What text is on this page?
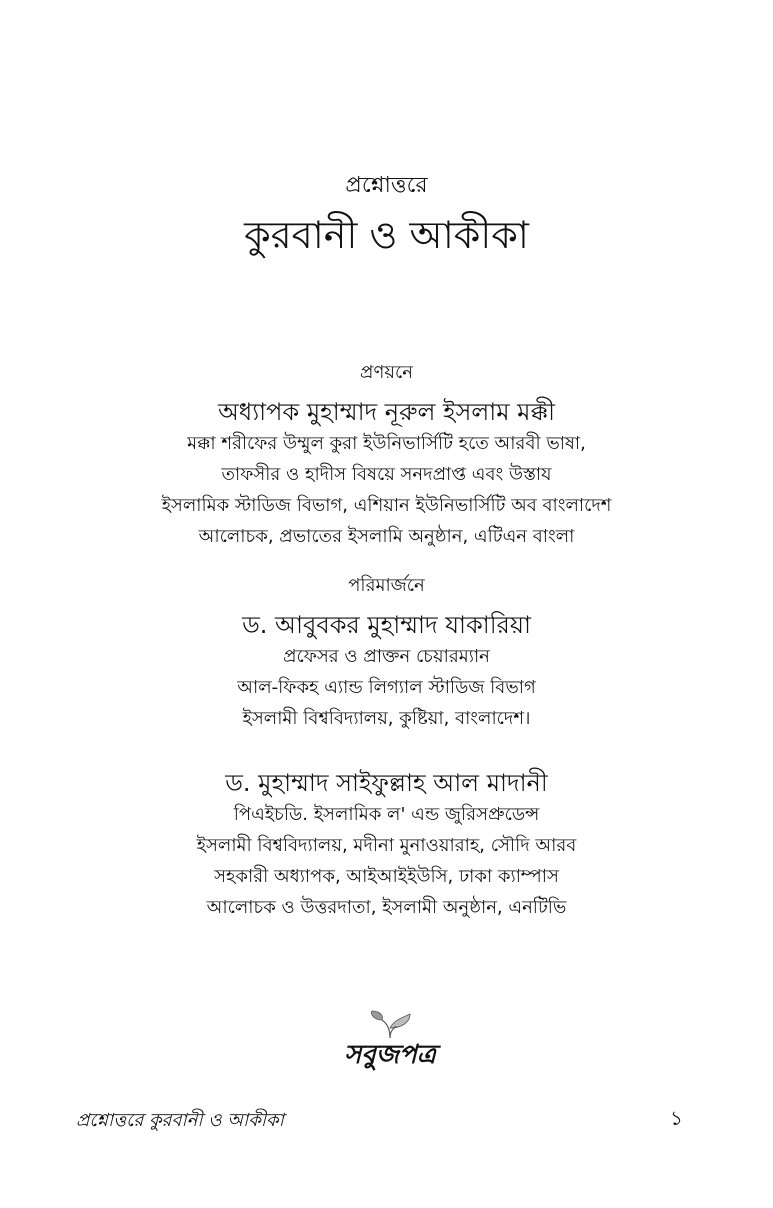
প্রশ্নোত্তরে
কুরবানী ও আকীকা
প্রণয়নে
অধ্যাপক মুহাম্মাদ নূরুল ইসলাম মক্কী
মক্কা শরীফের উম্মুল কুরা ইউনিভার্সিটি হতে আরবী ভাষা,
তাফসীর ও হাদীস বিষয়ে সনদপ্রাপ্ত এবং উস্তায
ইসলামিক স্টাডিজ বিভাগ, এশিয়ান ইউনিভার্সিটি অব বাংলাদেশ
আলোচক, প্রভাতের ইসলামি অনুষ্ঠান, এটিএন বাংলা
পরিমার্জনে
ড. আবুবকর মুহাম্মাদ যাকারিয়া
প্রফেসর ও প্রাক্তন চেয়ারম্যান
আল-ফিকহ এ্যান্ড লিগ্যাল স্টাডিজ বিভাগ
ইসলামী বিশ্ববিদ্যালয়, কুষ্টিয়া, বাংলাদেশ।
ড. মুহাম্মাদ সাইফুল্লাহ আল মাদানী
পিএইচডি. ইসলামিক ল' এন্ড জুরিসপ্রুডেন্স
ইসলামী বিশ্ববিদ্যালয়, মদীনা মুনাওয়ারাহ, সৌদি আরব
সহকারী অধ্যাপক, আইআইইউসি, ঢাকা ক্যাম্পাস
আলোচক ও উত্তরদাতা, ইসলামী অনুষ্ঠান, এনটিভি
সবুজপত্র
প্রশ্নোত্তরে কুরবানী ও আকীকা	১
